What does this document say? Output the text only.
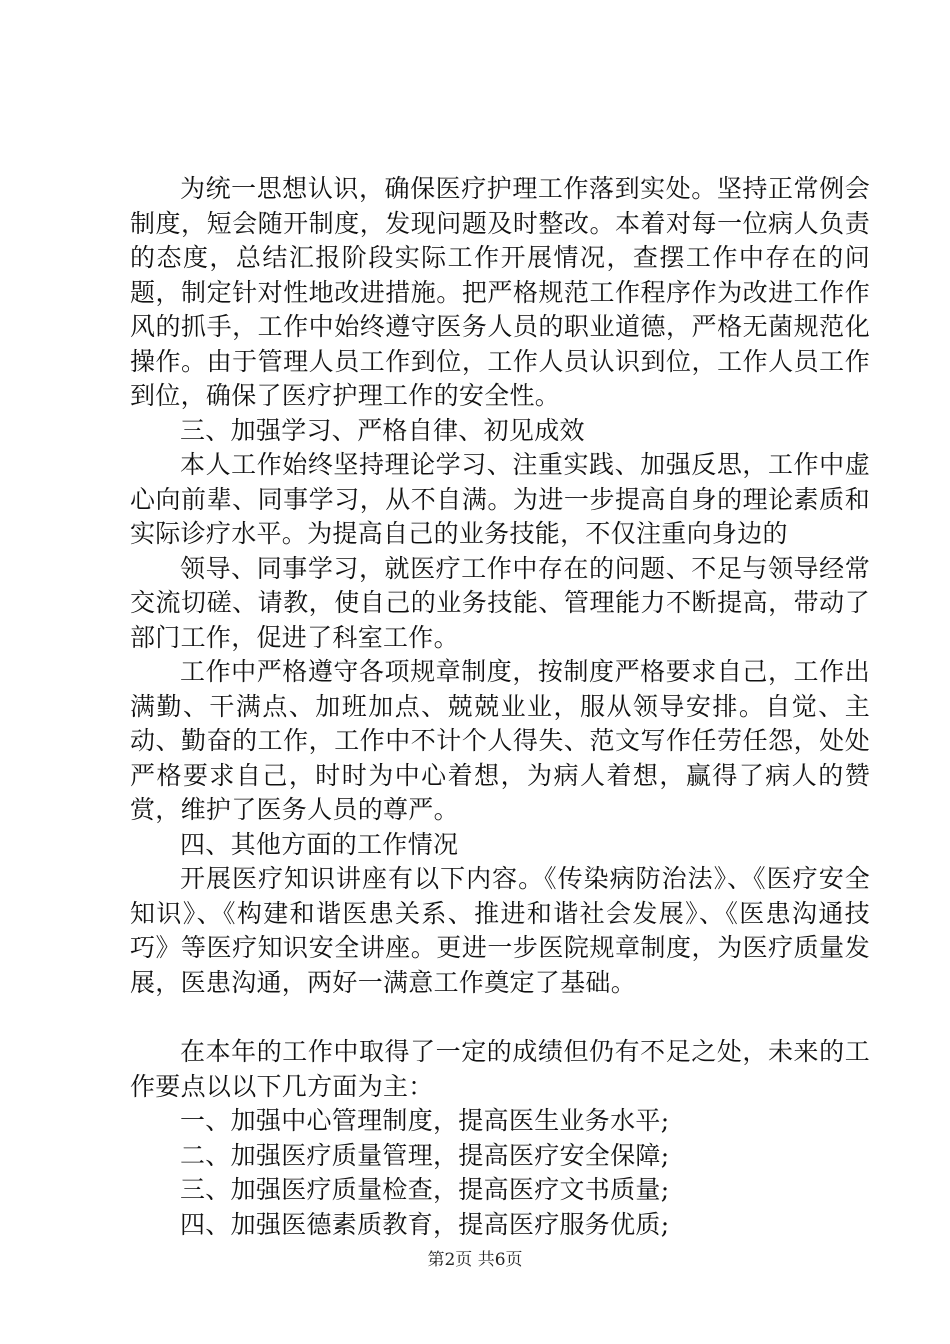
为统一思想认识，确保医疗护理工作落到实处。坚持正常例会制度，短会随开制度，发现问题及时整改。本着对每一位病人负责的态度，总结汇报阶段实际工作开展情况，查摆工作中存在的问题，制定针对性地改进措施。把严格规范工作程序作为改进工作作风的抓手，工作中始终遵守医务人员的职业道德，严格无菌规范化操作。由于管理人员工作到位，工作人员认识到位，工作人员工作到位，确保了医疗护理工作的安全性。

三、加强学习、严格自律、初见成效

本人工作始终坚持理论学习、注重实践、加强反思，工作中虚心向前辈、同事学习，从不自满。为进一步提高自身的理论素质和实际诊疗水平。为提高自己的业务技能，不仅注重向身边的

领导、同事学习，就医疗工作中存在的问题、不足与领导经常交流切磋、请教，使自己的业务技能、管理能力不断提高，带动了部门工作，促进了科室工作。

工作中严格遵守各项规章制度，按制度严格要求自己，工作出满勤、干满点、加班加点、兢兢业业，服从领导安排。自觉、主动、勤奋的工作，工作中不计个人得失、范文写作任劳任怨，处处严格要求自己，时时为中心着想，为病人着想，赢得了病人的赞赏，维护了医务人员的尊严。

四、其他方面的工作情况

开展医疗知识讲座有以下内容。《传染病防治法》、《医疗安全知识》、《构建和谐医患关系、推进和谐社会发展》、《医患沟通技巧》等医疗知识安全讲座。更进一步医院规章制度，为医疗质量发展，医患沟通，两好一满意工作奠定了基础。

在本年的工作中取得了一定的成绩但仍有不足之处，未来的工作要点以以下几方面为主：

一、加强中心管理制度，提高医生业务水平;

二、加强医疗质量管理，提高医疗安全保障;

三、加强医疗质量检查，提高医疗文书质量;

四、加强医德素质教育，提高医疗服务优质;

第2页 共6页
